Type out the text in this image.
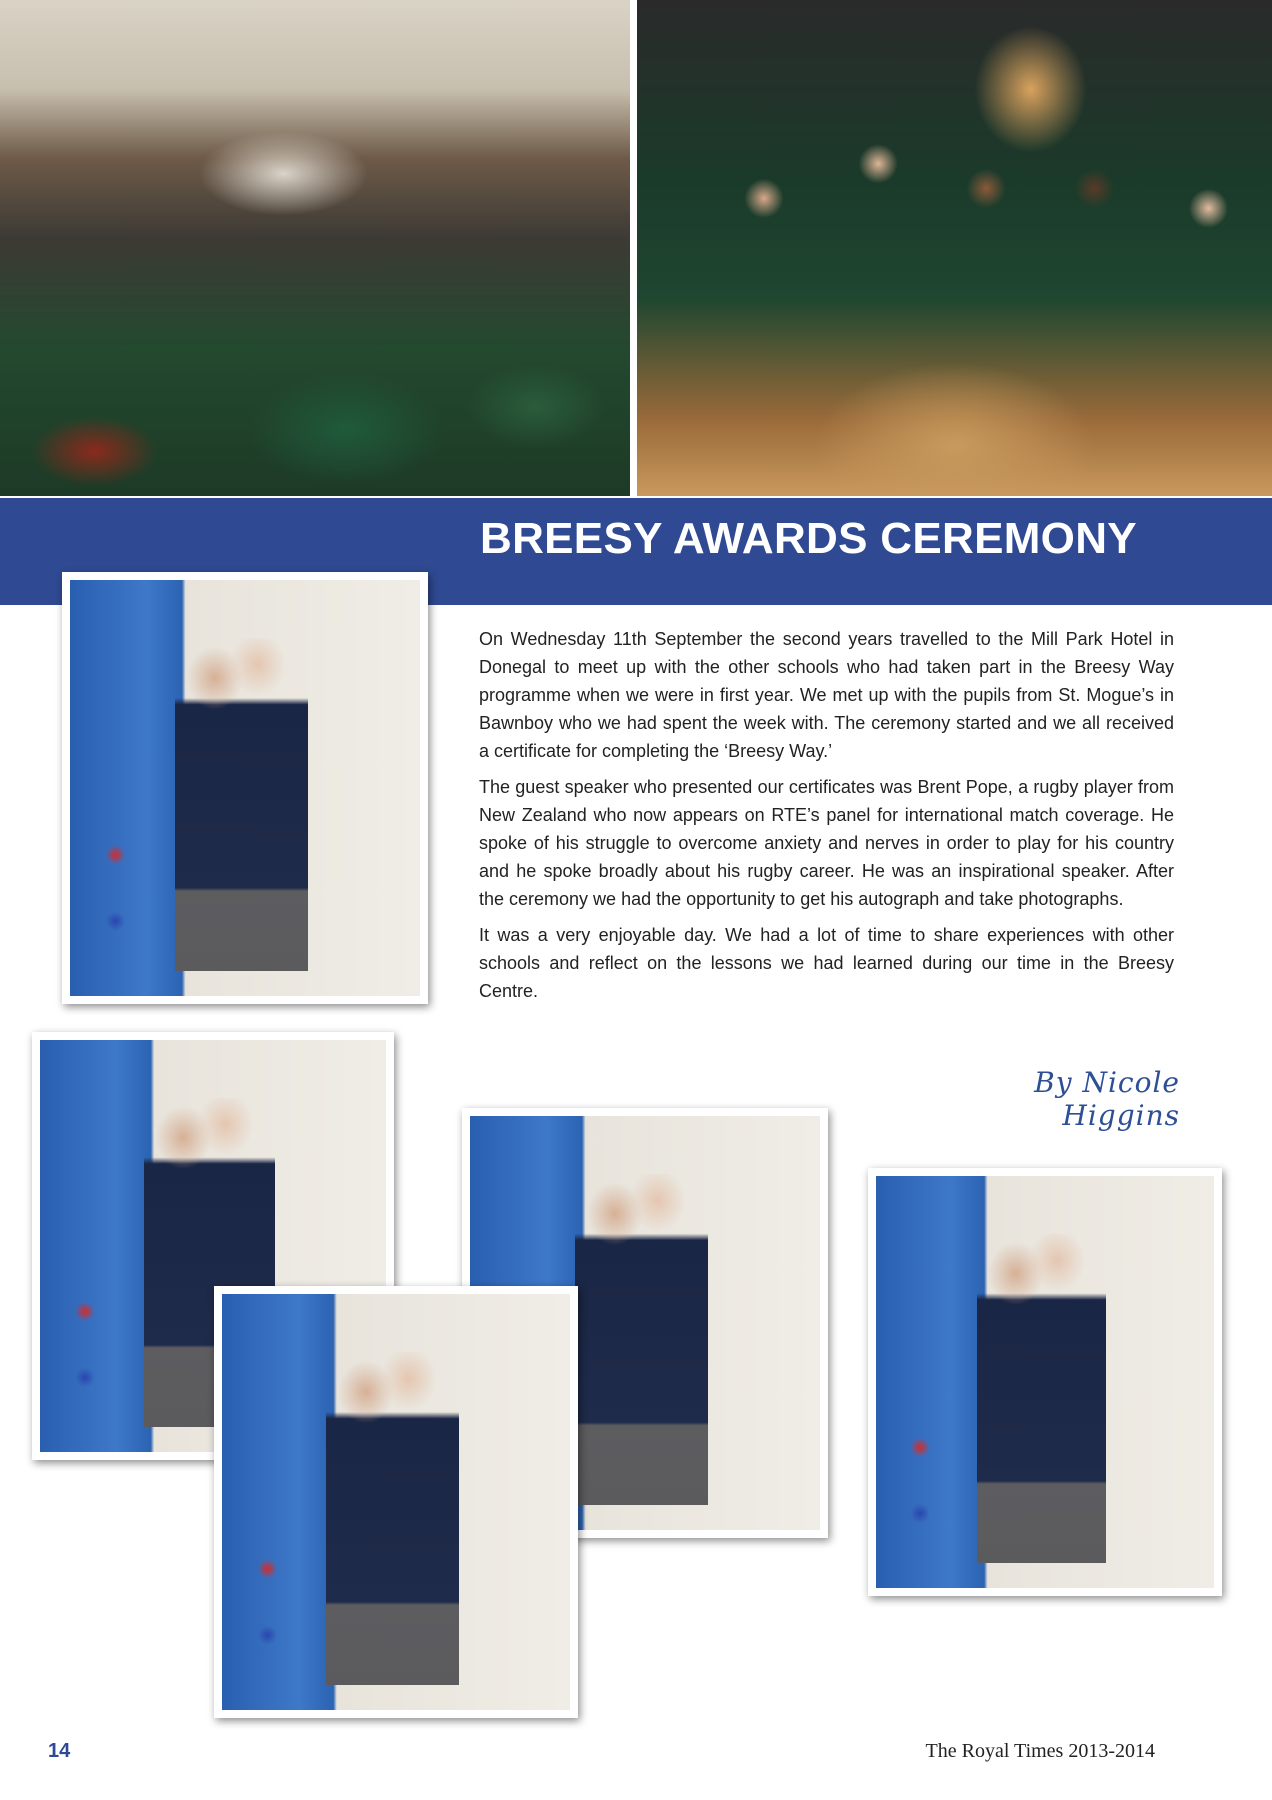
BREESY AWARDS CEREMONY

On Wednesday 11th September the second years travelled to the Mill Park Hotel in Donegal to meet up with the other schools who had taken part in the Breesy Way programme when we were in first year. We met up with the pupils from St. Mogue’s in Bawnboy who we had spent the week with. The ceremony started and we all received a certificate for completing the ‘Breesy Way.’

The guest speaker who presented our certificates was Brent Pope, a rugby player from New Zealand who now appears on RTE’s panel for international match coverage. He spoke of his struggle to overcome anxiety and nerves in order to play for his country and he spoke broadly about his rugby career. He was an inspirational speaker. After the ceremony we had the opportunity to get his autograph and take photographs.

It was a very enjoyable day. We had a lot of time to share experiences with other schools and reflect on the lessons we had learned during our time in the Breesy Centre.

By Nicole Higgins
14	The Royal Times 2013-2014
